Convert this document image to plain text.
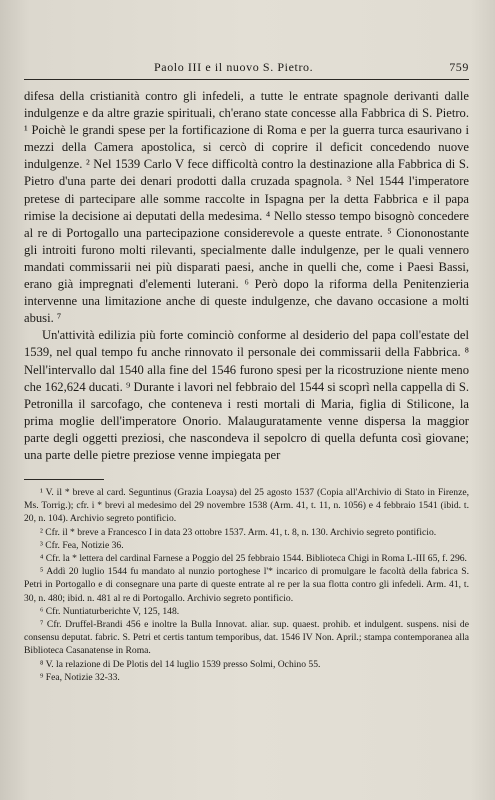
Paolo III e il nuovo S. Pietro.	759

difesa della cristianità contro gli infedeli, a tutte le entrate spagnole derivanti dalle indulgenze e da altre grazie spirituali, ch'erano state concesse alla Fabbrica di S. Pietro. ¹ Poichè le grandi spese per la fortificazione di Roma e per la guerra turca esaurivano i mezzi della Camera apostolica, si cercò di coprire il deficit concedendo nuove indulgenze. ² Nel 1539 Carlo V fece difficoltà contro la destinazione alla Fabbrica di S. Pietro d'una parte dei denari prodotti dalla cruzada spagnola. ³ Nel 1544 l'imperatore pretese di partecipare alle somme raccolte in Ispagna per la detta Fabbrica e il papa rimise la decisione ai deputati della medesima. ⁴ Nello stesso tempo bisognò concedere al re di Portogallo una partecipazione considerevole a queste entrate. ⁵ Ciononostante gli introiti furono molti rilevanti, specialmente dalle indulgenze, per le quali vennero mandati commissarii nei più disparati paesi, anche in quelli che, come i Paesi Bassi, erano già impregnati d'elementi luterani. ⁶ Però dopo la riforma della Penitenzieria intervenne una limitazione anche di queste indulgenze, che davano occasione a molti abusi. ⁷

Un'attività edilizia più forte cominciò conforme al desiderio del papa coll'estate del 1539, nel qual tempo fu anche rinnovato il personale dei commissarii della Fabbrica. ⁸ Nell'intervallo dal 1540 alla fine del 1546 furono spesi per la ricostruzione niente meno che 162,624 ducati. ⁹ Durante i lavori nel febbraio del 1544 si scoprì nella cappella di S. Petronilla il sarcofago, che conteneva i resti mortali di Maria, figlia di Stilicone, la prima moglie dell'imperatore Onorio. Malauguratamente venne dispersa la maggior parte degli oggetti preziosi, che nascondeva il sepolcro di quella defunta così giovane; una parte delle pietre preziose venne impiegata per

¹ V. il * breve al card. Seguntinus (Grazia Loaysa) del 25 agosto 1537 (Copia all'Archivio di Stato in Firenze, Ms. Torrig.); cfr. i * brevi al medesimo del 29 novembre 1538 (Arm. 41, t. 11, n. 1056) e 4 febbraio 1541 (ibid. t. 20, n. 104). Archivio segreto pontificio.

² Cfr. il * breve a Francesco I in data 23 ottobre 1537. Arm. 41, t. 8, n. 130. Archivio segreto pontificio.

³ Cfr. Fea, Notizie 36.

⁴ Cfr. la * lettera del cardinal Farnese a Poggio del 25 febbraio 1544. Biblioteca Chigi in Roma L-III 65, f. 296.

⁵ Addì 20 luglio 1544 fu mandato al nunzio portoghese l'* incarico di promulgare le facoltà della fabrica S. Petri in Portogallo e di consegnare una parte di queste entrate al re per la sua flotta contro gli infedeli. Arm. 41, t. 30, n. 480; ibid. n. 481 al re di Portogallo. Archivio segreto pontificio.

⁶ Cfr. Nuntiaturberichte V, 125, 148.

⁷ Cfr. Druffel-Brandi 456 e inoltre la Bulla Innovat. aliar. sup. quaest. prohib. et indulgent. suspens. nisi de consensu deputat. fabric. S. Petri et certis tantum temporibus, dat. 1546 IV Non. April.; stampa contemporanea alla Biblioteca Casanatense in Roma.

⁸ V. la relazione di De Plotis del 14 luglio 1539 presso Solmi, Ochino 55.

⁹ Fea, Notizie 32-33.
